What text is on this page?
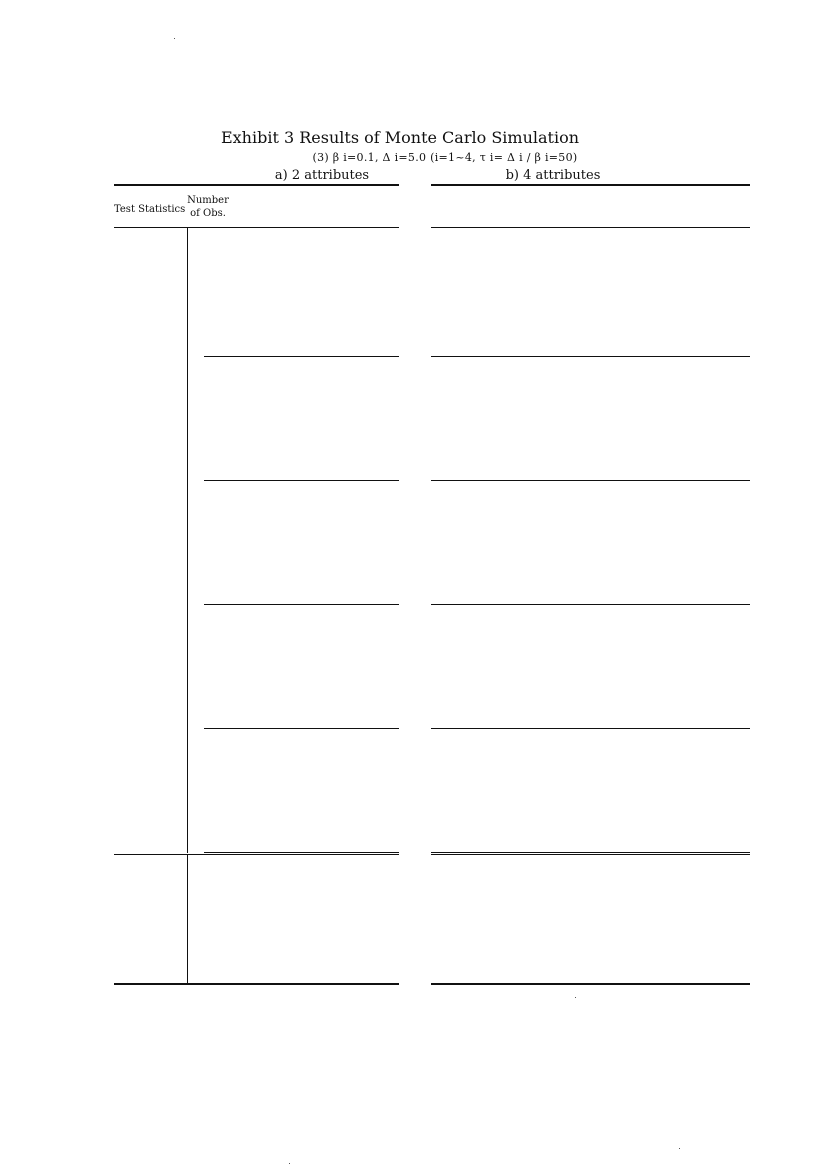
Exhibit 3 Results of Monte Carlo Simulation
(3) β i=0.1, Δ i=5.0 (i=1~4, τ i= Δ i / β i=50)
a) 2 attributes	b) 4 attributes
Test Statistics
Number
of Obs.
